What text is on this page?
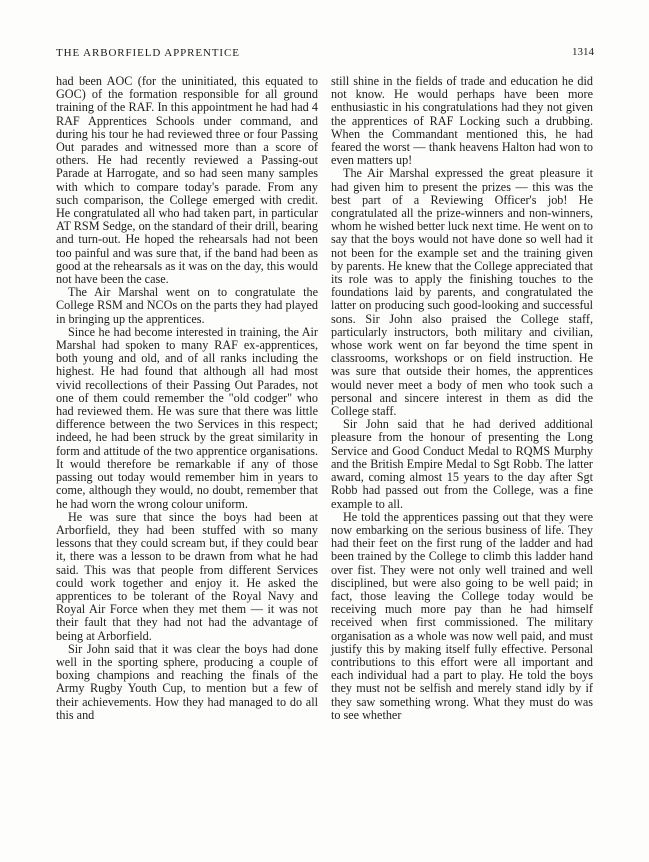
THE ARBORFIELD APPRENTICE	1314

had been AOC (for the uninitiated, this equated to GOC) of the formation responsible for all ground training of the RAF. In this appointment he had had 4 RAF Apprentices Schools under command, and during his tour he had reviewed three or four Passing Out parades and witnessed more than a score of others. He had recently reviewed a Passing-out Parade at Harrogate, and so had seen many samples with which to compare today's parade. From any such comparison, the College emerged with credit. He congratulated all who had taken part, in particular AT RSM Sedge, on the standard of their drill, bearing and turn-out. He hoped the rehearsals had not been too painful and was sure that, if the band had been as good at the rehearsals as it was on the day, this would not have been the case.

The Air Marshal went on to congratulate the College RSM and NCOs on the parts they had played in bringing up the apprentices.

Since he had become interested in training, the Air Marshal had spoken to many RAF ex-apprentices, both young and old, and of all ranks including the highest. He had found that although all had most vivid recollections of their Passing Out Parades, not one of them could remember the "old codger" who had reviewed them. He was sure that there was little difference between the two Services in this respect; indeed, he had been struck by the great similarity in form and attitude of the two apprentice organisations. It would therefore be remarkable if any of those passing out today would remember him in years to come, although they would, no doubt, remember that he had worn the wrong colour uniform.

He was sure that since the boys had been at Arborfield, they had been stuffed with so many lessons that they could scream but, if they could bear it, there was a lesson to be drawn from what he had said. This was that people from different Services could work together and enjoy it. He asked the apprentices to be tolerant of the Royal Navy and Royal Air Force when they met them — it was not their fault that they had not had the advantage of being at Arborfield.

Sir John said that it was clear the boys had done well in the sporting sphere, producing a couple of boxing champions and reaching the finals of the Army Rugby Youth Cup, to mention but a few of their achievements. How they had managed to do all this and

still shine in the fields of trade and education he did not know. He would perhaps have been more enthusiastic in his congratulations had they not given the apprentices of RAF Locking such a drubbing. When the Commandant mentioned this, he had feared the worst — thank heavens Halton had won to even matters up!

The Air Marshal expressed the great pleasure it had given him to present the prizes — this was the best part of a Reviewing Officer's job! He congratulated all the prize-winners and non-winners, whom he wished better luck next time. He went on to say that the boys would not have done so well had it not been for the example set and the training given by parents. He knew that the College appreciated that its role was to apply the finishing touches to the foundations laid by parents, and congratulated the latter on producing such good-looking and successful sons. Sir John also praised the College staff, particularly instructors, both military and civilian, whose work went on far beyond the time spent in classrooms, workshops or on field instruction. He was sure that outside their homes, the apprentices would never meet a body of men who took such a personal and sincere interest in them as did the College staff.

Sir John said that he had derived additional pleasure from the honour of presenting the Long Service and Good Conduct Medal to RQMS Murphy and the British Empire Medal to Sgt Robb. The latter award, coming almost 15 years to the day after Sgt Robb had passed out from the College, was a fine example to all.

He told the apprentices passing out that they were now embarking on the serious business of life. They had their feet on the first rung of the ladder and had been trained by the College to climb this ladder hand over fist. They were not only well trained and well disciplined, but were also going to be well paid; in fact, those leaving the College today would be receiving much more pay than he had himself received when first commissioned. The military organisation as a whole was now well paid, and must justify this by making itself fully effective. Personal contributions to this effort were all important and each individual had a part to play. He told the boys they must not be selfish and merely stand idly by if they saw something wrong. What they must do was to see whether
